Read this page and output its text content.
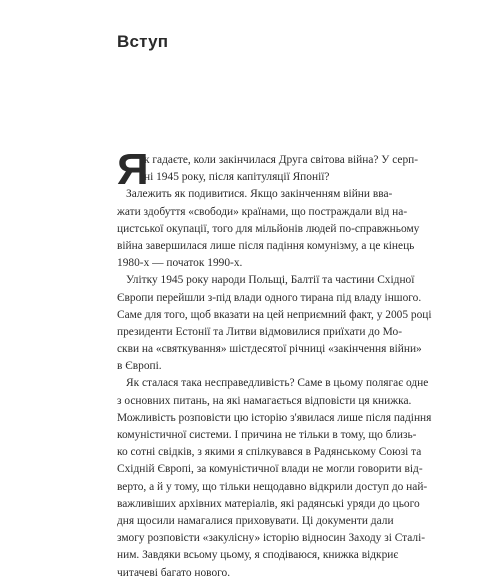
Вступ
Я
к гадаєте, коли закінчилася Друга світова війна? У серп-
ні 1945 року, після капітуляції Японії?
Залежить як подивитися. Якщо закінченням війни вва-
жати здобуття «свободи» країнами, що постраждали від на-
цистської окупації, того для мільйонів людей по-справжньому
війна завершилася лише після падіння комунізму, а це кінець
1980-х — початок 1990-х.
Улітку 1945 року народи Польщі, Балтії та частини Східної
Європи перейшли з-під влади одного тирана під владу іншого.
Саме для того, щоб вказати на цей неприємний факт, у 2005 році
президенти Естонії та Литви відмовилися приїхати до Мо-
скви на «святкування» шістдесятої річниці «закінчення війни»
в Європі.
Як сталася така несправедливість? Саме в цьому полягає одне
з основних питань, на які намагається відповісти ця книжка.
Можливість розповісти цю історію з'явилася лише після падіння
комуністичної системи. І причина не тільки в тому, що близь-
ко сотні свідків, з якими я спілкувався в Радянському Союзі та
Східній Європі, за комуністичної влади не могли говорити від-
верто, а й у тому, що тільки нещодавно відкрили доступ до най-
важливіших архівних матеріалів, які радянські уряди до цього
дня щосили намагалися приховувати. Ці документи дали
змогу розповісти «закулісну» історію відносин Заходу зі Сталі-
ним. Завдяки всьому цьому, я сподіваюся, книжка відкриє
читачеві багато нового.
